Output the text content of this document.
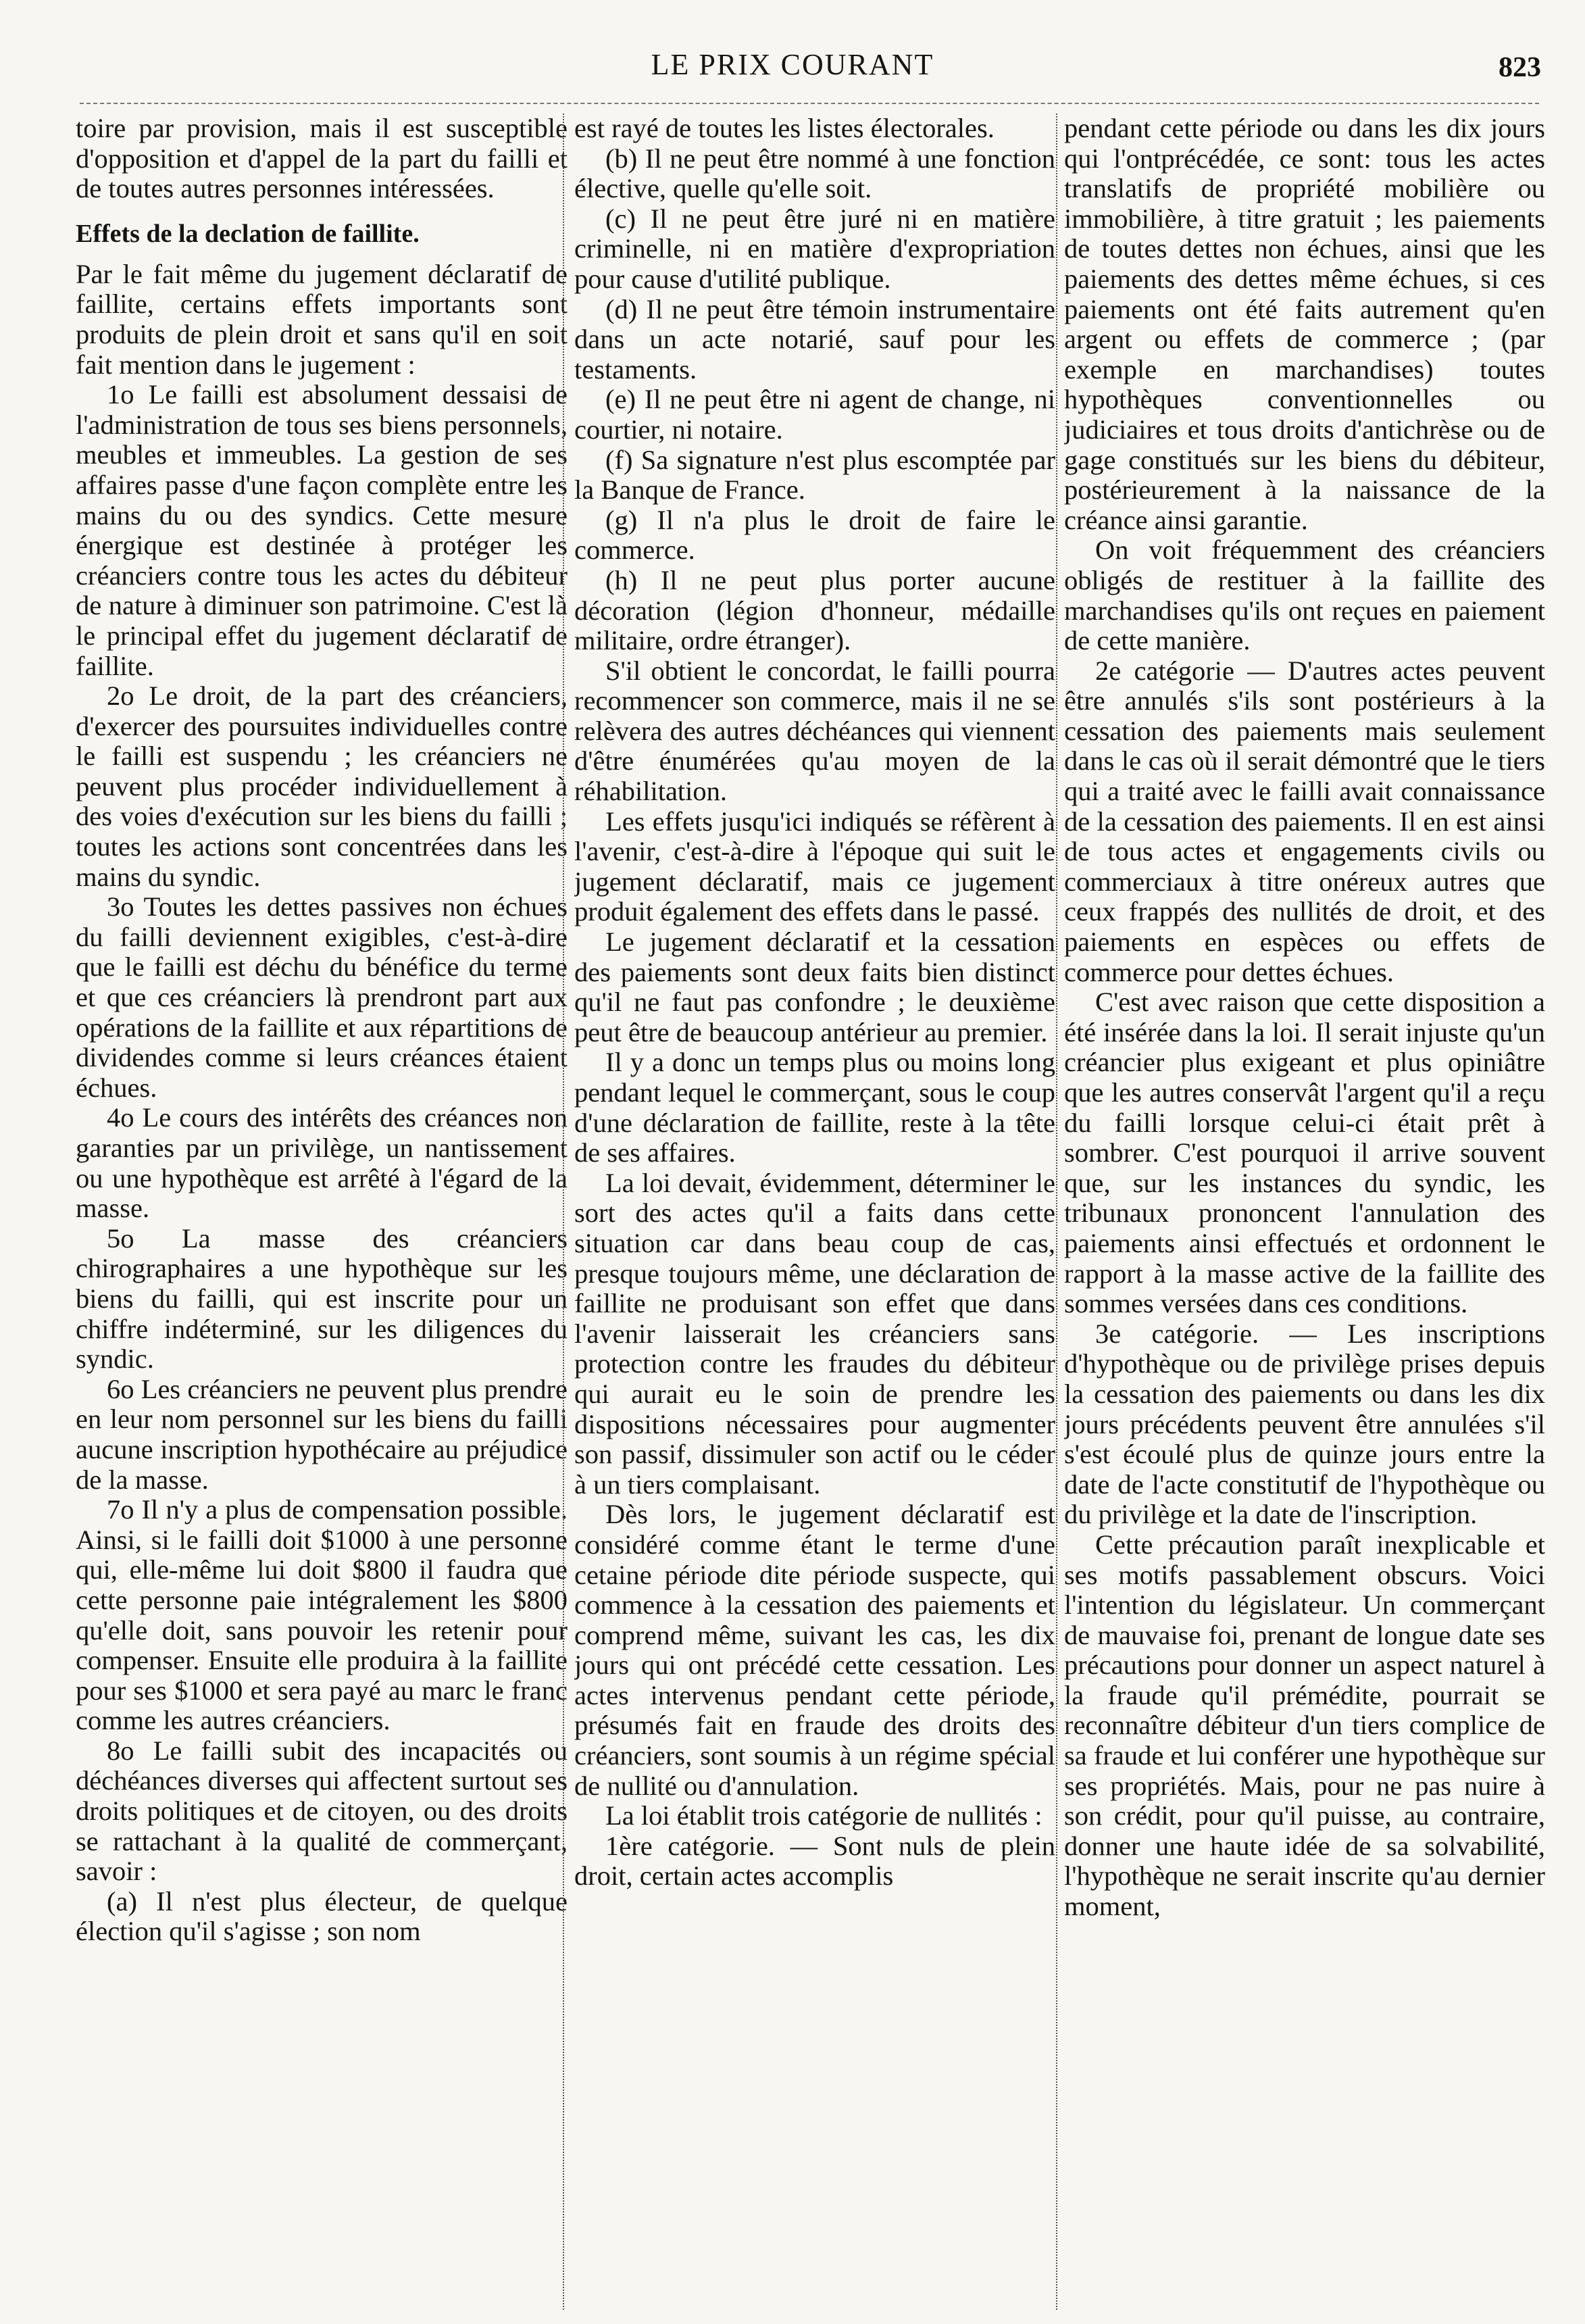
LE PRIX COURANT	823

toire par provision, mais il est susceptible d'opposition et d'appel de la part du failli et de toutes autres personnes intéressées.

Effets de la declation de faillite.

Par le fait même du jugement déclaratif de faillite, certains effets importants sont produits de plein droit et sans qu'il en soit fait mention dans le jugement :

1o Le failli est absolument dessaisi de l'administration de tous ses biens personnels, meubles et immeubles. La gestion de ses affaires passe d'une façon complète entre les mains du ou des syndics. Cette mesure énergique est destinée à protéger les créanciers contre tous les actes du débiteur de nature à diminuer son patrimoine. C'est là le principal effet du jugement déclaratif de faillite.

2o Le droit, de la part des créanciers, d'exercer des poursuites individuelles contre le failli est suspendu ; les créanciers ne peuvent plus procéder individuellement à des voies d'exécution sur les biens du failli ; toutes les actions sont concentrées dans les mains du syndic.

3o Toutes les dettes passives non échues du failli deviennent exigibles, c'est-à-dire que le failli est déchu du bénéfice du terme et que ces créanciers là prendront part aux opérations de la faillite et aux répartitions de dividendes comme si leurs créances étaient échues.

4o Le cours des intérêts des créances non garanties par un privilège, un nantissement ou une hypothèque est arrêté à l'égard de la masse.

5o La masse des créanciers chirographaires a une hypothèque sur les biens du failli, qui est inscrite pour un chiffre indéterminé, sur les diligences du syndic.

6o Les créanciers ne peuvent plus prendre en leur nom personnel sur les biens du failli aucune inscription hypothécaire au préjudice de la masse.

7o Il n'y a plus de compensation possible. Ainsi, si le failli doit $1000 à une personne qui, elle-même lui doit $800 il faudra que cette personne paie intégralement les $800 qu'elle doit, sans pouvoir les retenir pour compenser. Ensuite elle produira à la faillite pour ses $1000 et sera payé au marc le franc comme les autres créanciers.

8o Le failli subit des incapacités ou déchéances diverses qui affectent surtout ses droits politiques et de citoyen, ou des droits se rattachant à la qualité de commerçant, savoir :

(a) Il n'est plus électeur, de quelque élection qu'il s'agisse ; son nom

est rayé de toutes les listes électorales.

(b) Il ne peut être nommé à une fonction élective, quelle qu'elle soit.

(c) Il ne peut être juré ni en matière criminelle, ni en matière d'expropriation pour cause d'utilité publique.

(d) Il ne peut être témoin instrumentaire dans un acte notarié, sauf pour les testaments.

(e) Il ne peut être ni agent de change, ni courtier, ni notaire.

(f) Sa signature n'est plus escomptée par la Banque de France.

(g) Il n'a plus le droit de faire le commerce.

(h) Il ne peut plus porter aucune décoration (légion d'honneur, médaille militaire, ordre étranger).

S'il obtient le concordat, le failli pourra recommencer son commerce, mais il ne se relèvera des autres déchéances qui viennent d'être énumérées qu'au moyen de la réhabilitation.

Les effets jusqu'ici indiqués se réfèrent à l'avenir, c'est-à-dire à l'époque qui suit le jugement déclaratif, mais ce jugement produit également des effets dans le passé.

Le jugement déclaratif et la cessation des paiements sont deux faits bien distinct qu'il ne faut pas confondre ; le deuxième peut être de beaucoup antérieur au premier.

Il y a donc un temps plus ou moins long pendant lequel le commerçant, sous le coup d'une déclaration de faillite, reste à la tête de ses affaires.

La loi devait, évidemment, déterminer le sort des actes qu'il a faits dans cette situation car dans beau coup de cas, presque toujours même, une déclaration de faillite ne produisant son effet que dans l'avenir laisserait les créanciers sans protection contre les fraudes du débiteur qui aurait eu le soin de prendre les dispositions nécessaires pour augmenter son passif, dissimuler son actif ou le céder à un tiers complaisant.

Dès lors, le jugement déclaratif est considéré comme étant le terme d'une cetaine période dite période suspecte, qui commence à la cessation des paiements et comprend même, suivant les cas, les dix jours qui ont précédé cette cessation. Les actes intervenus pendant cette période, présumés fait en fraude des droits des créanciers, sont soumis à un régime spécial de nullité ou d'annulation.

La loi établit trois catégorie de nullités :

1ère catégorie. — Sont nuls de plein droit, certain actes accomplis

pendant cette période ou dans les dix jours qui l'ontprécédée, ce sont: tous les actes translatifs de propriété mobilière ou immobilière, à titre gratuit ; les paiements de toutes dettes non échues, ainsi que les paiements des dettes même échues, si ces paiements ont été faits autrement qu'en argent ou effets de commerce ; (par exemple en marchandises) toutes hypothèques conventionnelles ou judiciaires et tous droits d'antichrèse ou de gage constitués sur les biens du débiteur, postérieurement à la naissance de la créance ainsi garantie.

On voit fréquemment des créanciers obligés de restituer à la faillite des marchandises qu'ils ont reçues en paiement de cette manière.

2e catégorie — D'autres actes peuvent être annulés s'ils sont postérieurs à la cessation des paiements mais seulement dans le cas où il serait démontré que le tiers qui a traité avec le failli avait connaissance de la cessation des paiements. Il en est ainsi de tous actes et engagements civils ou commerciaux à titre onéreux autres que ceux frappés des nullités de droit, et des paiements en espèces ou effets de commerce pour dettes échues.

C'est avec raison que cette disposition a été insérée dans la loi. Il serait injuste qu'un créancier plus exigeant et plus opiniâtre que les autres conservât l'argent qu'il a reçu du failli lorsque celui-ci était prêt à sombrer. C'est pourquoi il arrive souvent que, sur les instances du syndic, les tribunaux prononcent l'annulation des paiements ainsi effectués et ordonnent le rapport à la masse active de la faillite des sommes versées dans ces conditions.

3e catégorie. — Les inscriptions d'hypothèque ou de privilège prises depuis la cessation des paiements ou dans les dix jours précédents peuvent être annulées s'il s'est écoulé plus de quinze jours entre la date de l'acte constitutif de l'hypothèque ou du privilège et la date de l'inscription.

Cette précaution paraît inexplicable et ses motifs passablement obscurs. Voici l'intention du législateur. Un commerçant de mauvaise foi, prenant de longue date ses précautions pour donner un aspect naturel à la fraude qu'il prémédite, pourrait se reconnaître débiteur d'un tiers complice de sa fraude et lui conférer une hypothèque sur ses propriétés. Mais, pour ne pas nuire à son crédit, pour qu'il puisse, au contraire, donner une haute idée de sa solvabilité, l'hypothèque ne serait inscrite qu'au dernier moment,
